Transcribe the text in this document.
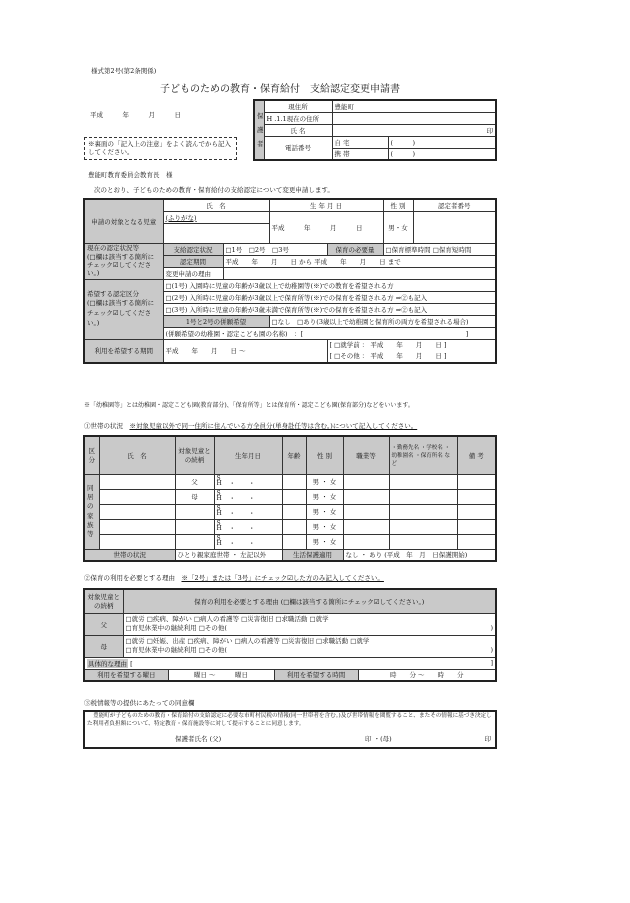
様式第2号(第2条関係)
子どものための教育・保育給付　支給認定変更申請書
平成　　　	年　　　	月　　　	日
※裏面の「記入上の注意」をよく読んでから記入してください。
豊能町教育委員会教育長　様
次のとおり、子どものための教育・保育給付の支給認定について変更申請します。
保
護
者	現住所	豊能町	
	H .1.1現在の住所		
	氏 名	印	
	電話番号	自 宅	(　　　)
		携 帯	(　　　)
申請の対象となる児童	氏　名		生 年 月 日		性 別	認定者番号
	(ふりがな)		平成　　　年　　　月　　　日		男・女	

現在の認定状況等
(□欄は該当する箇所にチェック☑してください。)	支給認定状況	□1号　□2号　□3号		保育の必要量	□保育標準時間 □保育短時間	
	認定期間	平成　　年　　月　　日 から 平成　　年　　月　　日 まで				
	変更申請の理由					
希望する認定区分
(□欄は該当する箇所にチェック☑してください。)	□(1号) 入園時に児童の年齢が3歳以上で幼稚園等(※)での教育を希望される方					
	□(2号) 入所時に児童の年齢が3歳以上で保育所等(※)での保育を希望される方 ⇒②も記入					
	□(3号) 入所時に児童の年齢が3歳未満で保育所等(※)での保育を希望される方 ⇒②も記入					
	1号と2号の併願希望		□なし　□あり(3歳以上で幼稚園と保育所の両方を希望される場合)			
	(併願希望の幼稚園・認定こども園の名称)　：[　　　　　　　　　　　　　　　　　　　　　　　　　]					
利用を希望する期間	平成　　年　　月　　日 〜			[ □就学前 ： 平成　　年　　月　　日 ]
[ □その他 ： 平成　　年　　月　　日 ]		
※「幼稚園等」とは幼稚園・認定こども園(教育部分)、「保育所等」とは保育所・認定こども園(保育部分)などをいいます。
①世帯の状況　 ※対象児童以外で同一住所に住んでいる方全員分(単身赴任等は含む。)について記入してください。
区分	氏　名	対象児童との続柄	生年月日	年齢	性 別	職業等	・勤務先名 ・学校名 ・幼稚園名 ・保育所名 など	備 考
同居の家族等		父	S H　 ・　　・		男 ・ 女			
		母	S H　 ・　　・		男 ・ 女			
			S H　 ・　　・		男 ・ 女			
			S H　 ・　　・		男 ・ 女			
			S H　 ・　　・		男 ・ 女			
世帯の状況		ひとり親家庭世帯 ・ 左記以外		生活保護適用		なし ・ あり (平成　年　月　日保護開始)		
②保育の利用を必要とする理由　 ※「2号」または「3号」にチェック☑した方のみ記入してください。
対象児童との続柄	保育の利用を必要とする理由 (□欄は該当する箇所にチェック☑してください。)			
父	□就労 □疾病、障がい □病人の看護等 □災害復旧 □求職活動 □就学
□育児休業中の継続利用 □その他( )			

母	□就労 □妊娠、出産 □疾病、障がい □病人の看護等 □災害復旧 □求職活動 □就学
□育児休業中の継続利用 □その他( )			

具体的な理由 [ ]				

利用を希望する曜日		曜日 〜　　　曜日	利用を希望する時間	時　　分 〜　　時　　分
③税情報等の提供にあたっての同意欄
豊能町が子どものための教育・保育給付の支給認定に必要な市町村民税の情報(同一世帯者を含む。)及び世帯情報を閲覧すること、またその情報に基づき決定した利用者負担額について、特定教育・保育施設等に対して提示することに同意します。
保護者氏名 (父)	印 ・(母)	印
